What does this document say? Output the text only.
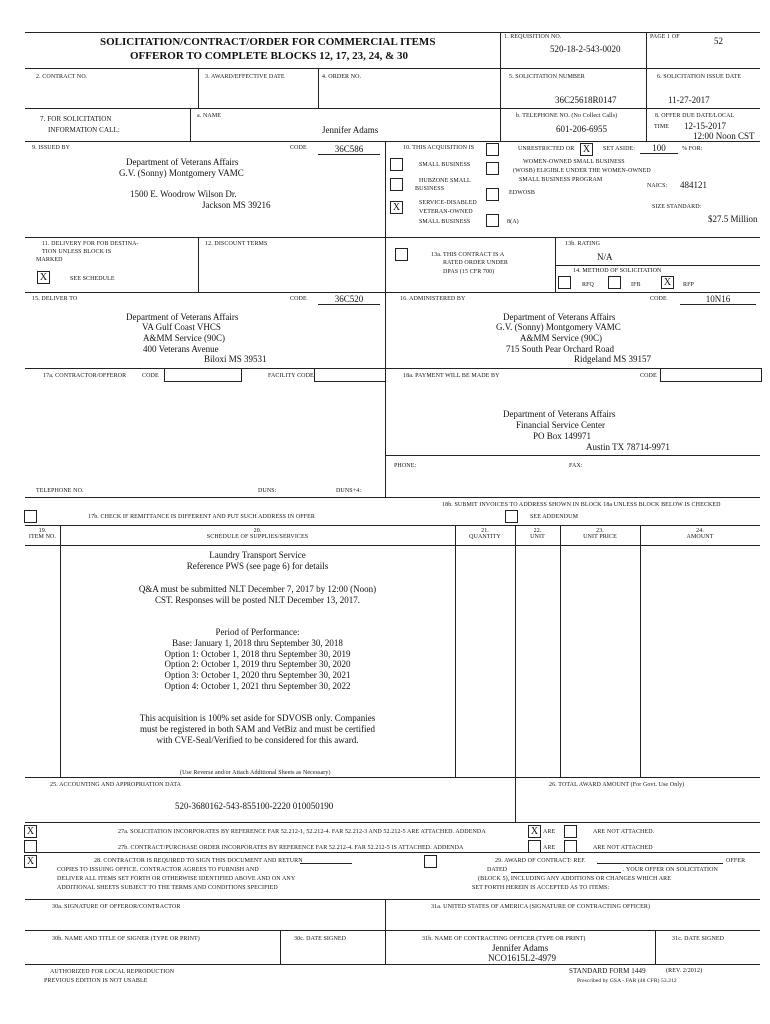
SOLICITATION/CONTRACT/ORDER FOR COMMERCIAL ITEMS
OFFEROR TO COMPLETE BLOCKS 12, 17, 23, 24, & 30
1. REQUISITION NO.
520-18-2-543-0020
PAGE 1 OF	52
2. CONTRACT NO.	3. AWARD/EFFECTIVE DATE	4. ORDER NO.	5. SOLICITATION NUMBER
36C25618R0147
6. SOLICITATION ISSUE DATE
11-27-2017
7. FOR SOLICITATION
INFORMATION CALL:
a. NAME
Jennifer Adams
b. TELEPHONE NO. (No Collect Calls)
601-206-6955
8. OFFER DUE DATE/LOCAL
TIME 12-15-2017
12:00 Noon CST
9. ISSUED BY	CODE	36C586
Department of Veterans Affairs
G.V. (Sonny) Montgomery VAMC
1500 E. Woodrow Wilson Dr.
Jackson MS 39216
10. THIS ACQUISITION IS	UNRESTRICTED OR X	SET ASIDE:	100	% FOR:
SMALL BUSINESS	WOMEN-OWNED SMALL BUSINESS
(WOSB) ELIGIBLE UNDER THE WOMEN-OWNED
SMALL BUSINESS PROGRAM
HUBZONE SMALL
BUSINESS
EDWOSB
NAICS: 484121
X	SERVICE-DISABLED
VETERAN-OWNED
SMALL BUSINESS	8(A)
SIZE STANDARD:
$27.5 Million
11. DELIVERY FOR FOB DESTINA-
TION UNLESS BLOCK IS
MARKED
X	SEE SCHEDULE
12. DISCOUNT TERMS
13a. THIS CONTRACT IS A
RATED ORDER UNDER
DPAS (15 CFR 700)
13b. RATING
N/A
14. METHOD OF SOLICITATION
RFQ	IFB X	RFP
15. DELIVER TO	CODE	36C520
Department of Veterans Affairs
VA Gulf Coast VHCS
A&MM Service (90C)
400 Veterans Avenue
Biloxi MS 39531
16. ADMINISTERED BY	CODE	10N16
Department of Veterans Affairs
G.V. (Sonny) Montgomery VAMC
A&MM Service (90C)
715 South Pear Orchard Road
Ridgeland MS 39157
17a. CONTRACTOR/OFFEROR	CODE	FACILITY CODE
TELEPHONE NO.	DUNS:	DUNS+4:
17b. CHECK IF REMITTANCE IS DIFFERENT AND PUT SUCH ADDRESS IN OFFER
18a. PAYMENT WILL BE MADE BY	CODE
Department of Veterans Affairs
Financial Service Center
PO Box 149971
Austin TX 78714-9971
PHONE:	FAX:
18b. SUBMIT INVOICES TO ADDRESS SHOWN IN BLOCK 18a UNLESS BLOCK BELOW IS CHECKED
SEE ADDENDUM
19.
ITEM NO.
20.
SCHEDULE OF SUPPLIES/SERVICES
21.
QUANTITY
22.
UNIT
23.
UNIT PRICE
24.
AMOUNT
Laundry Transport Service
Reference PWS (see page 6) for details
Q&A must be submitted NLT December 7, 2017 by 12:00 (Noon)
CST. Responses will be posted NLT December 13, 2017.
Period of Performance:
Base: January 1, 2018 thru September 30, 2018
Option 1: October 1, 2018 thru September 30, 2019
Option 2: October 1, 2019 thru September 30, 2020
Option 3: October 1, 2020 thru September 30, 2021
Option 4: October 1, 2021 thru September 30, 2022
This acquisition is 100% set aside for SDVOSB only. Companies
must be registered in both SAM and VetBiz and must be certified
with CVE-Seal/Verified to be considered for this award.
(Use Reverse and/or Attach Additional Sheets as Necessary)
25. ACCOUNTING AND APPROPRIATION DATA
520-3680162-543-855100-2220 010050190
26. TOTAL AWARD AMOUNT (For Govt. Use Only)
X	27a. SOLICITATION INCORPORATES BY REFERENCE FAR 52.212-1, 52.212-4. FAR 52.212-3 AND 52.212-5 ARE ATTACHED. ADDENDA	X ARE	ARE NOT ATTACHED.
27b. CONTRACT/PURCHASE ORDER INCORPORATES BY REFERENCE FAR 52.212-4. FAR 52.212-5 IS ATTACHED. ADDENDA	ARE	ARE NOT ATTACHED
X	28. CONTRACTOR IS REQUIRED TO SIGN THIS DOCUMENT AND RETURN
COPIES TO ISSUING OFFICE. CONTRACTOR AGREES TO FURNISH AND
DELIVER ALL ITEMS SET FORTH OR OTHERWISE IDENTIFIED ABOVE AND ON ANY
ADDITIONAL SHEETS SUBJECT TO THE TERMS AND CONDITIONS SPECIFIED
29. AWARD OF CONTRACT: REF.	OFFER
DATED	. YOUR OFFER ON SOLICITATION
(BLOCK 5), INCLUDING ANY ADDITIONS OR CHANGES WHICH ARE
SET FORTH HEREIN IS ACCEPTED AS TO ITEMS:
30a. SIGNATURE OF OFFEROR/CONTRACTOR	31a. UNITED STATES OF AMERICA (SIGNATURE OF CONTRACTING OFFICER)
30b. NAME AND TITLE OF SIGNER (TYPE OR PRINT)	30c. DATE SIGNED	31b. NAME OF CONTRACTING OFFICER (TYPE OR PRINT)
Jennifer Adams
NCO1615L2-4979
31c. DATE SIGNED
AUTHORIZED FOR LOCAL REPRODUCTION
PREVIOUS EDITION IS NOT USABLE
STANDARD FORM 1449	(REV. 2/2012)
Prescribed by GSA - FAR (48 CFR) 53.212
